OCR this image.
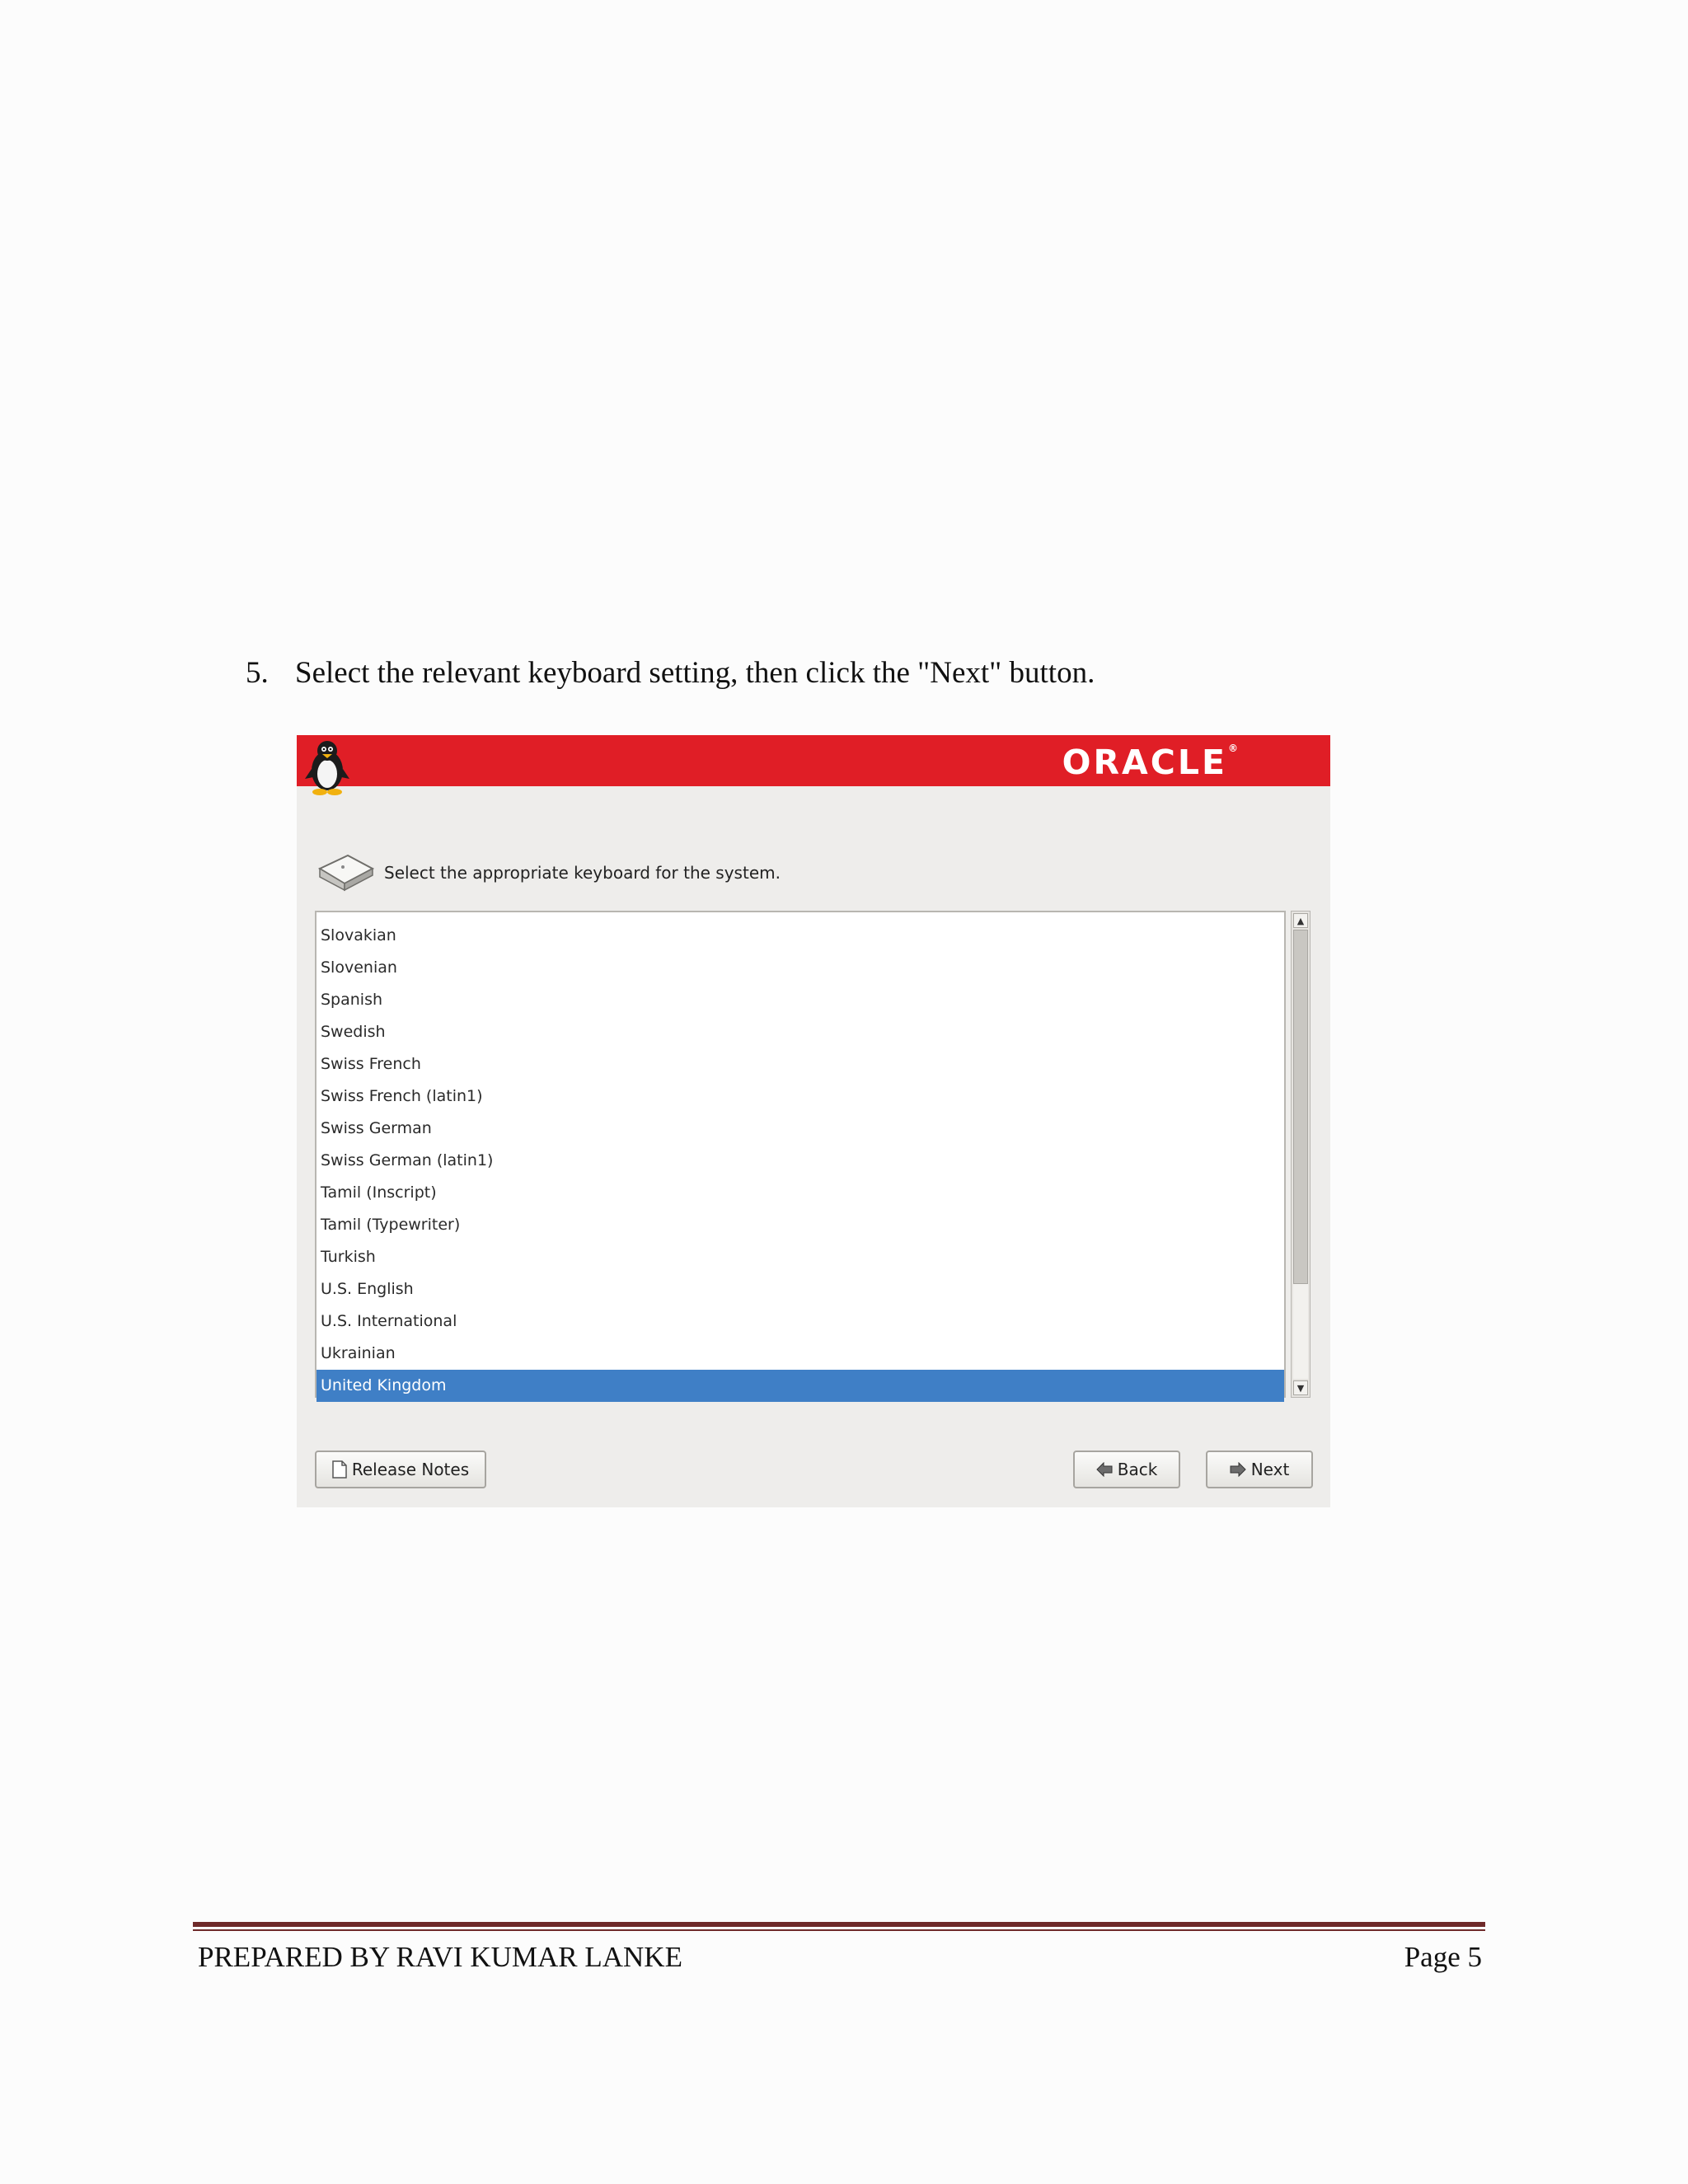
5. Select the relevant keyboard setting, then click the "Next" button.
ORACLE®
Select the appropriate keyboard for the system.
Slovakian
Slovenian
Spanish
Swedish
Swiss French
Swiss French (latin1)
Swiss German
Swiss German (latin1)
Tamil (Inscript)
Tamil (Typewriter)
Turkish
U.S. English
U.S. International
Ukrainian
United Kingdom
▲
▼
Release Notes	Back	Next
PREPARED BY RAVI KUMAR LANKE	Page 5
